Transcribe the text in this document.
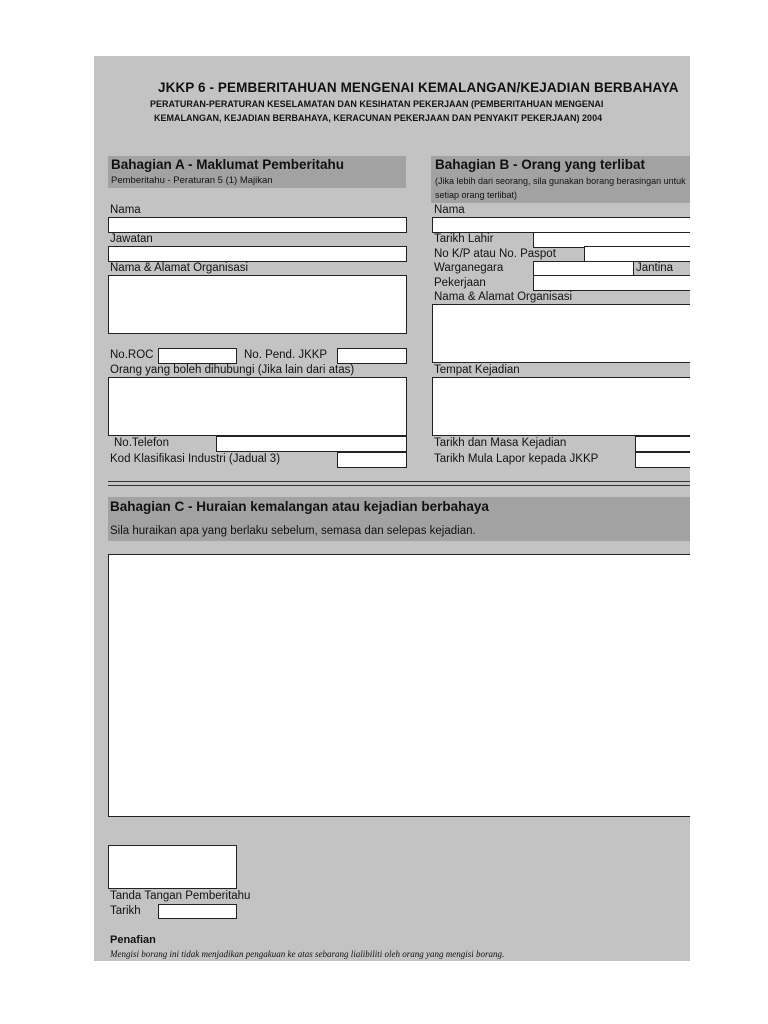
JKKP 6 - PEMBERITAHUAN MENGENAI KEMALANGAN/KEJADIAN BERBAHAYA
PERATURAN-PERATURAN KESELAMATAN DAN KESIHATAN PEKERJAAN (PEMBERITAHUAN MENGENAI
KEMALANGAN, KEJADIAN BERBAHAYA, KERACUNAN PEKERJAAN DAN PENYAKIT PEKERJAAN) 2004
Bahagian A - Maklumat Pemberitahu
Pemberitahu - Peraturan 5 (1) Majikan
Bahagian B - Orang yang terlibat
(Jika lebih dari seorang, sila gunakan borang berasingan untuk
setiap orang terlibat)
Nama
Jawatan
Nama & Alamat Organisasi
No.ROC	No. Pend. JKKP
Orang yang boleh dihubungi (Jika lain dari atas)
No.Telefon
Kod Klasifikasi Industri (Jadual 3)
Nama
Tarikh Lahir
No K/P atau No. Paspot
Warganegara	Jantina
Pekerjaan
Nama & Alamat Organisasi
Tempat Kejadian
Tarikh dan Masa Kejadian
Tarikh Mula Lapor kepada JKKP
Bahagian C - Huraian kemalangan atau kejadian berbahaya
Sila huraikan apa yang berlaku sebelum, semasa dan selepas kejadian.
Tanda Tangan Pemberitahu
Tarikh
Penafian
Mengisi borang ini tidak menjadikan pengakuan ke atas sebarang lialibiliti oleh orang yang mengisi borang.
